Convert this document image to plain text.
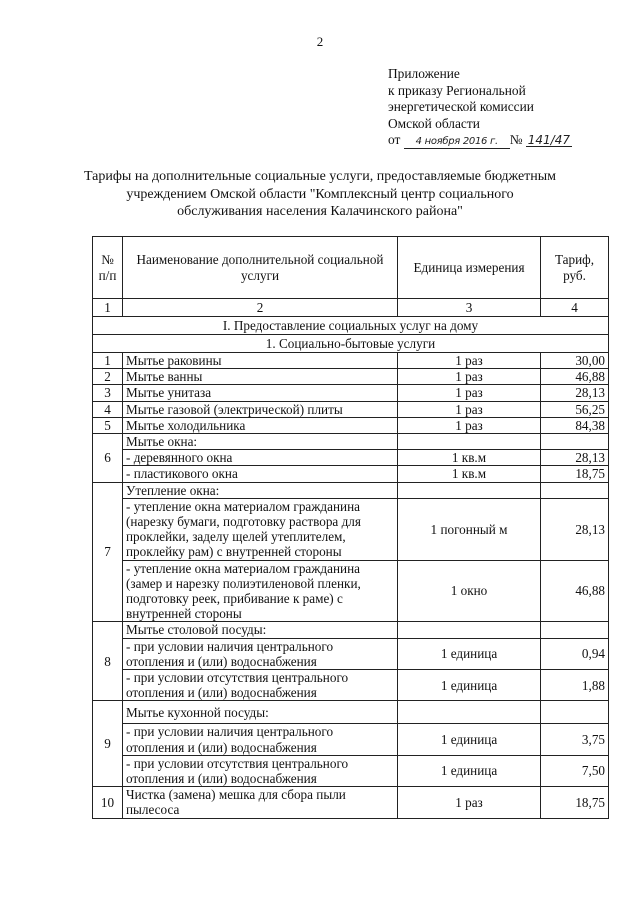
2
Приложение
к приказу Региональной
энергетической комиссии
Омской области
от 4 ноября 2016 г. № 141/47
Тарифы на дополнительные социальные услуги, предоставляемые бюджетным
учреждением Омской области "Комплексный центр социального
обслуживания населения Калачинского района"
№ п/п	Наименование дополнительной социальной услуги	Единица измерения	Тариф, руб.
1	2	3	4
I. Предоставление социальных услуг на дому			
1. Социально-бытовые услуги			
1	Мытье раковины	1 раз	30,00
2	Мытье ванны	1 раз	46,88
3	Мытье унитаза	1 раз	28,13
4	Мытье газовой (электрической) плиты	1 раз	56,25
5	Мытье холодильника	1 раз	84,38
6	Мытье окна:		
	- деревянного окна	1 кв.м	28,13
	- пластикового окна	1 кв.м	18,75
7	Утепление окна:		
	- утепление окна материалом гражданина (нарезку бумаги, подготовку раствора для проклейки, заделу щелей утеплителем, проклейку рам) с внутренней стороны	1 погонный м	28,13
	- утепление окна материалом гражданина (замер и нарезку полиэтиленовой пленки, подготовку реек, прибивание к раме) с внутренней стороны	1 окно	46,88
8	Мытье столовой посуды:		
	- при условии наличия центрального отопления и (или) водоснабжения	1 единица	0,94
	- при условии отсутствия центрального отопления и (или) водоснабжения	1 единица	1,88
9	Мытье кухонной посуды:		
	- при условии наличия центрального отопления и (или) водоснабжения	1 единица	3,75
	- при условии отсутствия центрального отопления и (или) водоснабжения	1 единица	7,50
10	Чистка (замена) мешка для сбора пыли пылесоса	1 раз	18,75
